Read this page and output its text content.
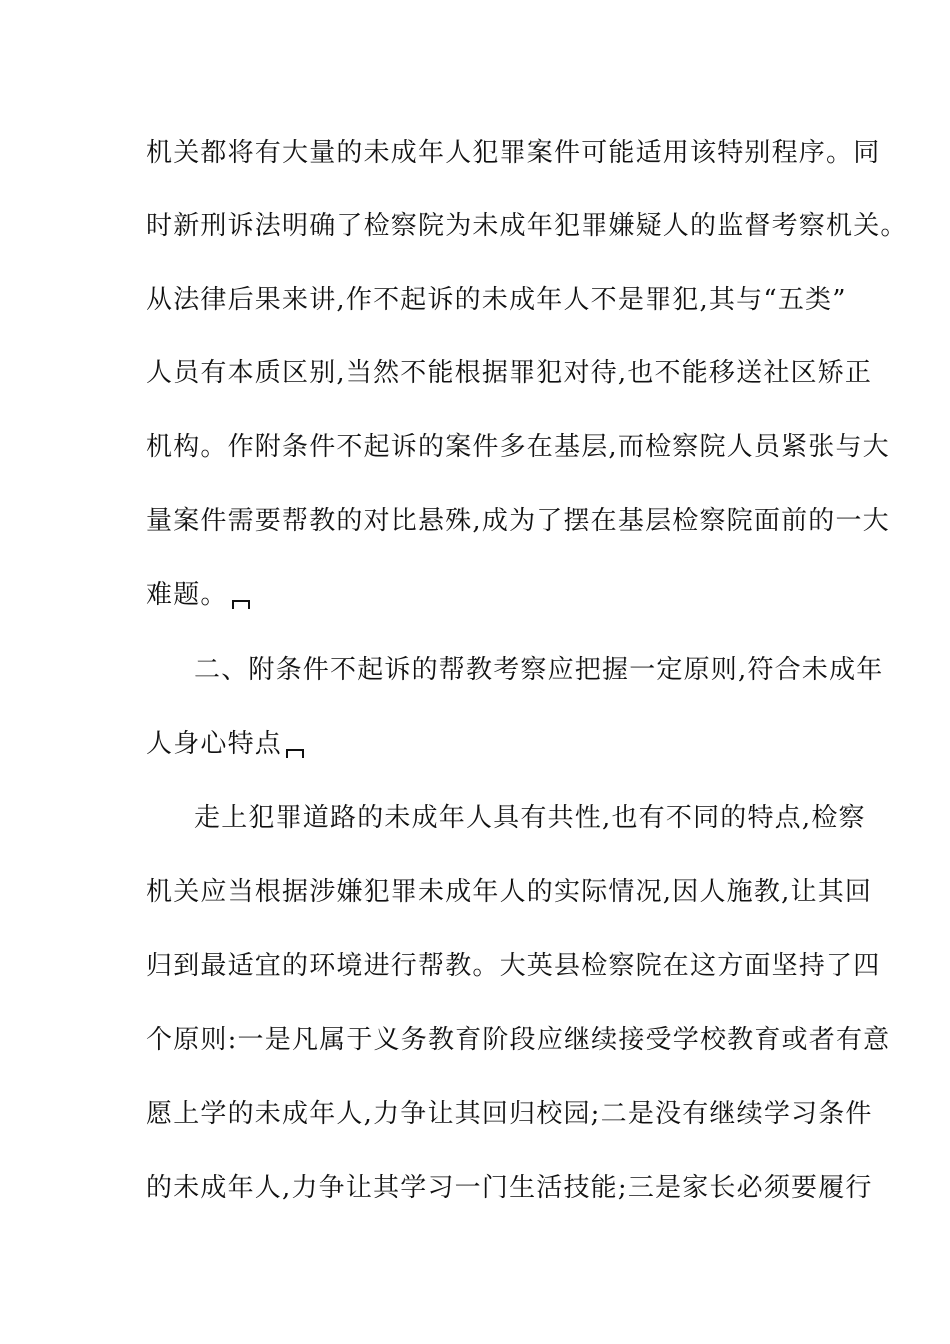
机关都将有大量的未成年人犯罪案件可能适用该特别程序。同
时新刑诉法明确了检察院为未成年犯罪嫌疑人的监督考察机关。
从法律后果来讲,作不起诉的未成年人不是罪犯,其与“五类”
人员有本质区别,当然不能根据罪犯对待,也不能移送社区矫正
机构。作附条件不起诉的案件多在基层,而检察院人员紧张与大
量案件需要帮教的对比悬殊,成为了摆在基层检察院面前的一大
难题。
二、附条件不起诉的帮教考察应把握一定原则,符合未成年
人身心特点
走上犯罪道路的未成年人具有共性,也有不同的特点,检察
机关应当根据涉嫌犯罪未成年人的实际情况,因人施教,让其回
归到最适宜的环境进行帮教。大英县检察院在这方面坚持了四
个原则:一是凡属于义务教育阶段应继续接受学校教育或者有意
愿上学的未成年人,力争让其回归校园;二是没有继续学习条件
的未成年人,力争让其学习一门生活技能;三是家长必须要履行
